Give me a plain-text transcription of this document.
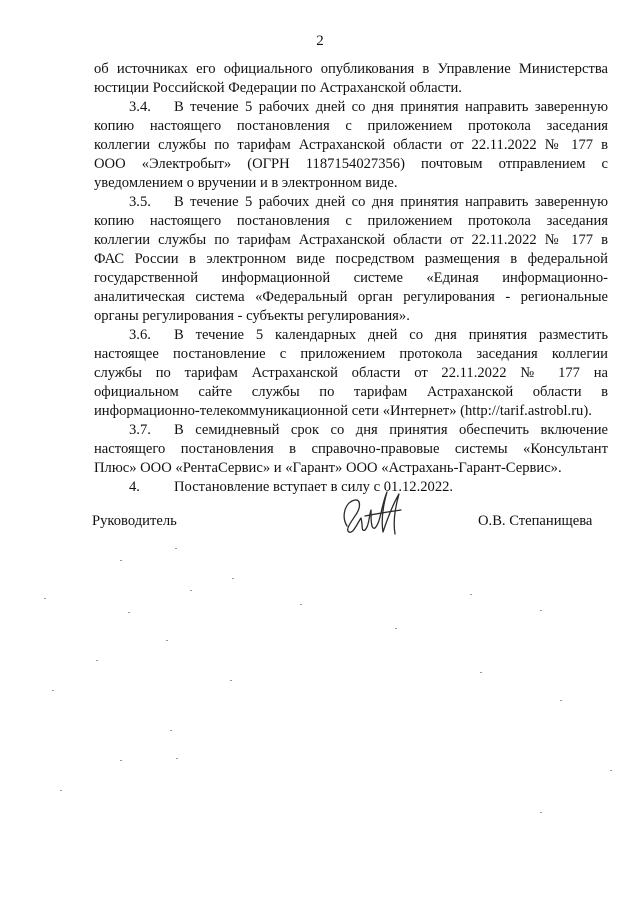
2
об источниках его официального опубликования в Управление Министерства
юстиции Российской Федерации по Астраханской области.
3.4. В течение 5 рабочих дней со дня принятия направить заверенную
копию настоящего постановления с приложением протокола заседания
коллегии службы по тарифам Астраханской области от 22.11.2022 № 177 в
ООО «Электробыт» (ОГРН 1187154027356) почтовым отправлением с
уведомлением о вручении и в электронном виде.
3.5. В течение 5 рабочих дней со дня принятия направить заверенную
копию настоящего постановления с приложением протокола заседания
коллегии службы по тарифам Астраханской области от 22.11.2022 № 177 в
ФАС России в электронном виде посредством размещения в федеральной
государственной информационной системе «Единая информационно-
аналитическая система «Федеральный орган регулирования - региональные
органы регулирования - субъекты регулирования».
3.6. В течение 5 календарных дней со дня принятия разместить
настоящее постановление с приложением протокола заседания коллегии
службы по тарифам Астраханской области от 22.11.2022 № 177 на
официальном сайте службы по тарифам Астраханской области в
информационно-телекоммуникационной сети «Интернет» (http://tarif.astrobl.ru).
3.7. В семидневный срок со дня принятия обеспечить включение
настоящего постановления в справочно-правовые системы «Консультант
Плюс» ООО «РентаСервис» и «Гарант» ООО «Астрахань-Гарант-Сервис».
4. Постановление вступает в силу с 01.12.2022.
Руководитель	О.В. Степанищева
